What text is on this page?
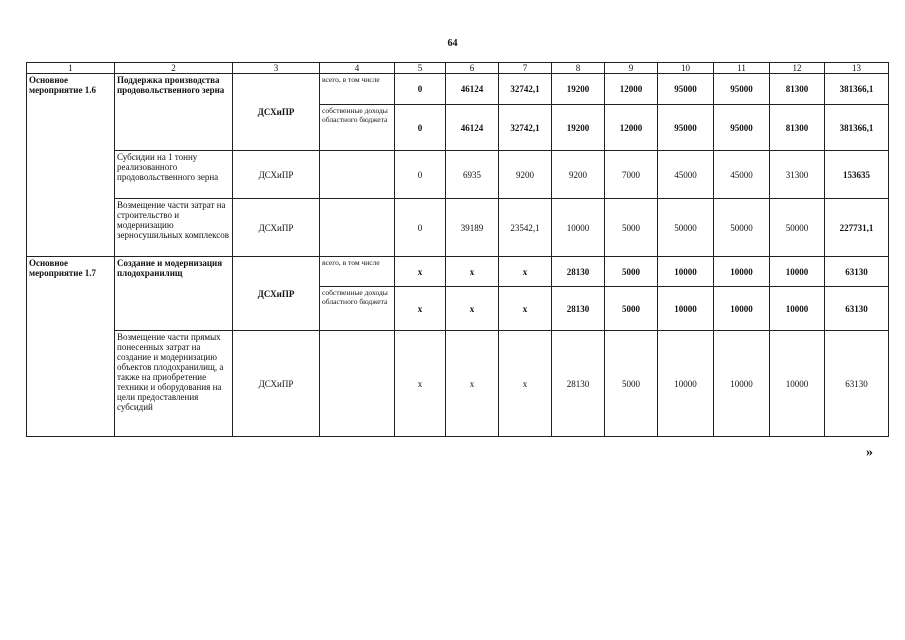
64
1	2	3	4	5	6	7	8	9	10	11	12	13
Основное мероприятие 1.6	Поддержка производства продовольственного зерна	ДСХиПР	всего, в том числе	0	46124	32742,1	19200	12000	95000	95000	81300	381366,1
			собственные доходы областного бюджета	0	46124	32742,1	19200	12000	95000	95000	81300	381366,1
	Субсидии на 1 тонну реализованного продовольственного зерна	ДСХиПР		0	6935	9200	9200	7000	45000	45000	31300	153635
	Возмещение части затрат на строительство и модернизацию зерносушильных комплексов	ДСХиПР		0	39189	23542,1	10000	5000	50000	50000	50000	227731,1
Основное мероприятие 1.7	Создание и модернизация плодохранилищ	ДСХиПР	всего, в том числе	х	х	х	28130	5000	10000	10000	10000	63130
			собственные доходы областного бюджета	х	х	х	28130	5000	10000	10000	10000	63130
	Возмещение части прямых понесенных затрат на создание и модернизацию объектов плодохранилищ, а также на приобретение техники и оборудования на цели предоставления субсидий	ДСХиПР		х	х	х	28130	5000	10000	10000	10000	63130
»
